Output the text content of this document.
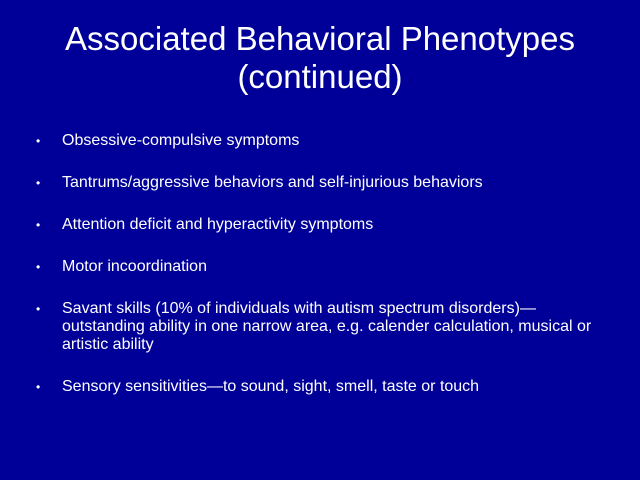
Associated Behavioral Phenotypes
(continued)
• Obsessive-compulsive symptoms
• Tantrums/aggressive behaviors and self-injurious behaviors
• Attention deficit and hyperactivity symptoms
• Motor incoordination
• Savant skills (10% of individuals with autism spectrum disorders)—outstanding ability in one narrow area, e.g. calender calculation, musical or artistic ability
• Sensory sensitivities—to sound, sight, smell, taste or touch
